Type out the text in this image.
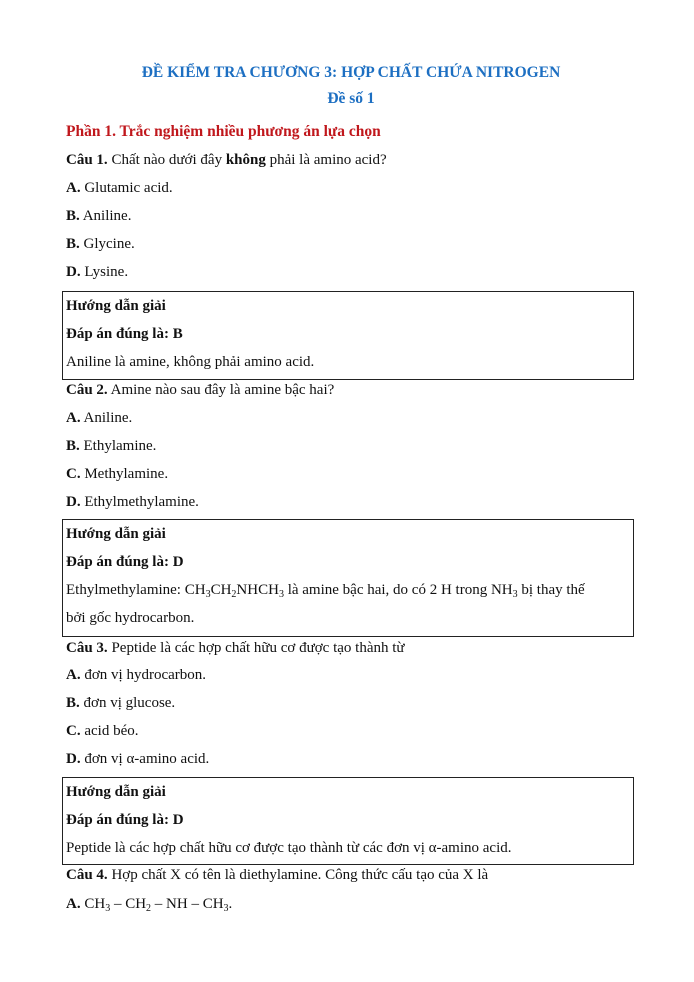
ĐỀ KIỂM TRA CHƯƠNG 3: HỢP CHẤT CHỨA NITROGEN
Đề số 1
Phần 1. Trắc nghiệm nhiều phương án lựa chọn
Câu 1. Chất nào dưới đây không phải là amino acid?
A. Glutamic acid.
B. Aniline.
B. Glycine.
D. Lysine.
Hướng dẫn giải
Đáp án đúng là: B
Aniline là amine, không phải amino acid.
Câu 2. Amine nào sau đây là amine bậc hai?
A. Aniline.
B. Ethylamine.
C. Methylamine.
D. Ethylmethylamine.
Hướng dẫn giải
Đáp án đúng là: D
Ethylmethylamine: $CH_3CH_2NHCH_3$ là amine bậc hai, do có 2 H trong $NH_3$ bị thay thế
bởi gốc hydrocarbon.
Câu 3. Peptide là các hợp chất hữu cơ được tạo thành từ
A. đơn vị hydrocarbon.
B. đơn vị glucose.
C. acid béo.
D. đơn vị α-amino acid.
Hướng dẫn giải
Đáp án đúng là: D
Peptide là các hợp chất hữu cơ được tạo thành từ các đơn vị α-amino acid.
Câu 4. Hợp chất X có tên là diethylamine. Công thức cấu tạo của X là
A. $CH_3 - CH_2$ – NH – $CH_3$.
